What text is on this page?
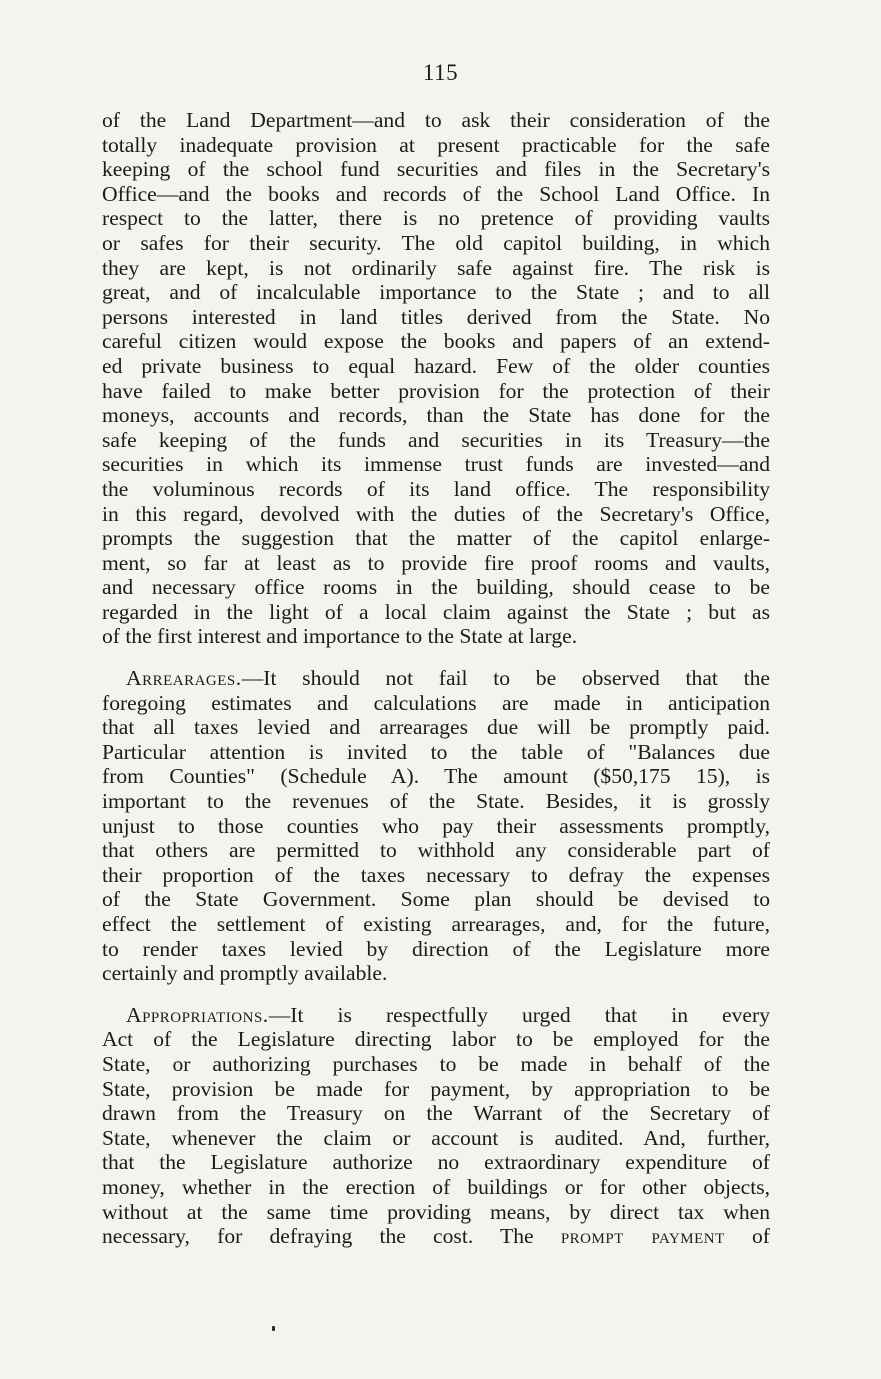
115
of the Land Department—and to ask their consideration of the
totally inadequate provision at present practicable for the safe
keeping of the school fund securities and files in the Secretary's
Office—and the books and records of the School Land Office. In
respect to the latter, there is no pretence of providing vaults
or safes for their security. The old capitol building, in which
they are kept, is not ordinarily safe against fire. The risk is
great, and of incalculable importance to the State ; and to all
persons interested in land titles derived from the State. No
careful citizen would expose the books and papers of an extend-
ed private business to equal hazard. Few of the older counties
have failed to make better provision for the protection of their
moneys, accounts and records, than the State has done for the
safe keeping of the funds and securities in its Treasury—the
securities in which its immense trust funds are invested—and
the voluminous records of its land office. The responsibility
in this regard, devolved with the duties of the Secretary's Office,
prompts the suggestion that the matter of the capitol enlarge-
ment, so far at least as to provide fire proof rooms and vaults,
and necessary office rooms in the building, should cease to be
regarded in the light of a local claim against the State ; but as
of the first interest and importance to the State at large.
Arrearages.—It should not fail to be observed that the
foregoing estimates and calculations are made in anticipation
that all taxes levied and arrearages due will be promptly paid.
Particular attention is invited to the table of "Balances due
from Counties" (Schedule A). The amount ($50,175 15), is
important to the revenues of the State. Besides, it is grossly
unjust to those counties who pay their assessments promptly,
that others are permitted to withhold any considerable part of
their proportion of the taxes necessary to defray the expenses
of the State Government. Some plan should be devised to
effect the settlement of existing arrearages, and, for the future,
to render taxes levied by direction of the Legislature more
certainly and promptly available.
Appropriations.—It is respectfully urged that in every
Act of the Legislature directing labor to be employed for the
State, or authorizing purchases to be made in behalf of the
State, provision be made for payment, by appropriation to be
drawn from the Treasury on the Warrant of the Secretary of
State, whenever the claim or account is audited. And, further,
that the Legislature authorize no extraordinary expenditure of
money, whether in the erection of buildings or for other objects,
without at the same time providing means, by direct tax when
necessary, for defraying the cost. The prompt payment of
